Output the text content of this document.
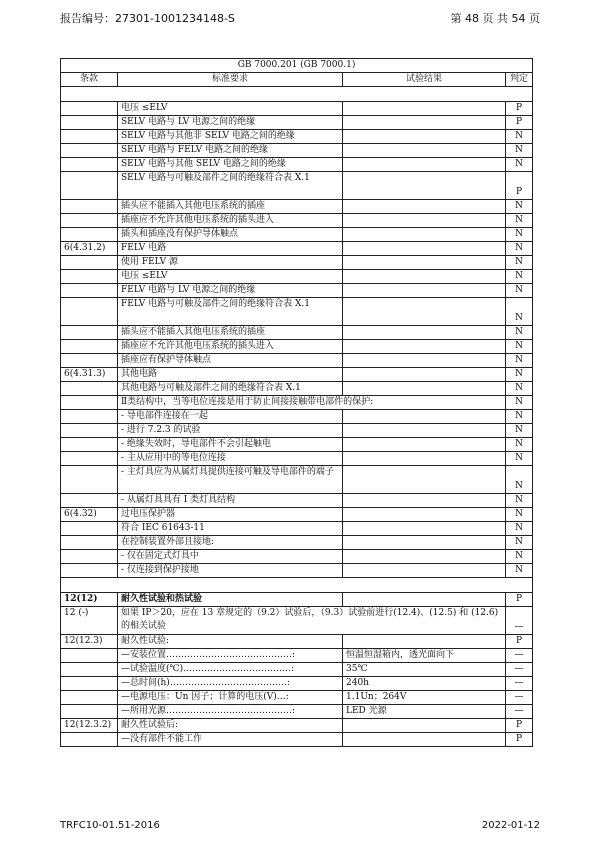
报告编号：27301-1001234148-S	第 48 页 共 54 页
GB 7000.201 (GB 7000.1)			
条款	标准要求	试验结果	判定

	电压 ≤ELV		P
	SELV 电路与 LV 电源之间的绝缘		P
	SELV 电路与其他非 SELV 电路之间的绝缘		N
	SELV 电路与 FELV 电路之间的绝缘		N
	SELV 电路与其他 SELV 电路之间的绝缘		N
	SELV 电路与可触及部件之间的绝缘符合表 X.1		P
	插头应不能插入其他电压系统的插座		N
	插座应不允许其他电压系统的插头进入		N
	插头和插座没有保护导体触点		N
6(4.31.2)	FELV 电路		N
	使用 FELV 源		N
	电压 ≤ELV		N
	FELV 电路与 LV 电源之间的绝缘		N
	FELV 电路与可触及部件之间的绝缘符合表 X.1		N
	插头应不能插入其他电压系统的插座		N
	插座应不允许其他电压系统的插头进入		N
	插座应有保护导体触点		N
6(4.31.3)	其他电路		N
	其他电路与可触及部件之间的绝缘符合表 X.1		N
	Ⅱ类结构中，当等电位连接是用于防止间接接触带电部件的保护:		N
	- 导电部件连接在一起		N
	- 进行 7.2.3 的试验		N
	- 绝缘失效时，导电部件不会引起触电		N
	- 主从应用中的等电位连接		N
	- 主灯具应为从属灯具提供连接可触及导电部件的端子		N
	- 从属灯具具有 I 类灯具结构		N
6(4.32)	过电压保护器		N
	符合 IEC 61643-11		N
	在控制装置外部且接地:		N
	- 仅在固定式灯具中		N
	- 仅连接到保护接地		N

12(12)	耐久性试验和热试验		P
12 (-)	如果 IP＞20，应在 13 章规定的（9.2）试验后，（9.3）试验前进行(12.4)、(12.5) 和 (12.6)的相关试验		—
12(12.3)	耐久性试验:		P
	—安装位置……………………………………:	恒温恒湿箱内，透光面向下	—
	—试验温度(℃)………………………………:	35℃	—
	—总时间(h)…………………………………:	240h	—
	—电源电压：Un 因子；计算的电压(V)…:	1.1Un；264V	—
	—所用光源……………………………………:	LED 光源	—
12(12.3.2)	耐久性试验后:		P
	—没有部件不能工作		P
TRFC10-01.51-2016	2022-01-12
